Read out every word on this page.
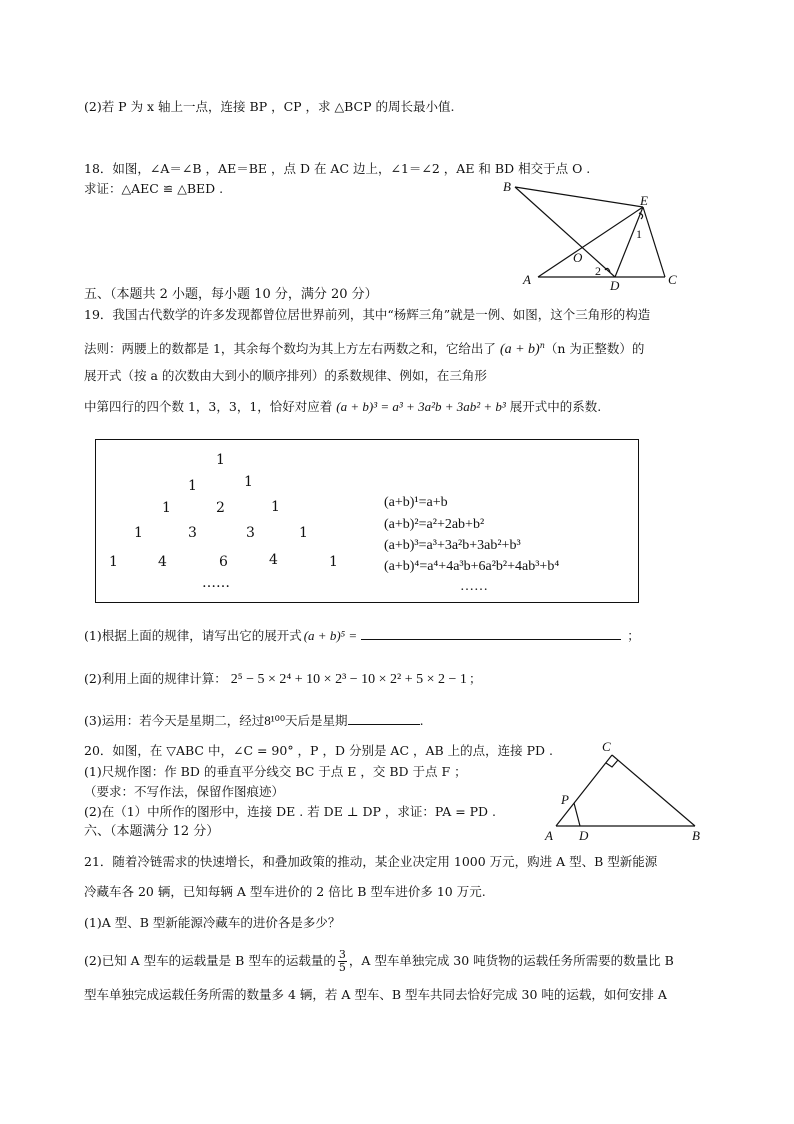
(2)若 P 为 x 轴上一点，连接 BP ，CP ，求 △BCP 的周长最小值.
18．如图，∠A＝∠B ，AE＝BE ，点 D 在 AC 边上，∠1＝∠2 ，AE 和 BD 相交于点 O .
求证：△AEC ≌ △BED .	B
E
O
A	D	C
1
2
五、（本题共 2 小题，每小题 10 分，满分 20 分）
19．我国古代数学的许多发现都曾位居世界前列，其中“杨辉三角”就是一例、如图，这个三角形的构造
法则：两腰上的数都是 1，其余每个数均为其上方左右两数之和，它给出了 $(a + b)^n(n$ 为正整数）的
展开式（按 a 的次数由大到小的顺序排列）的系数规律、例如，在三角形
中第四行的四个数 1，3，3，1，恰好对应着 (a + b)³ = a³ + 3a²b + 3ab² + b³ 展开式中的系数.
1
1	1
1	2	1
1	3	3	1
1	4	6	4	1
……
(a+b)¹=a+b
(a+b)²=a²+2ab+b²
(a+b)³=a³+3a²b+3ab²+b³
(a+b)⁴=a⁴+4a³b+6a²b²+4ab³+b⁴
……
(1)根据上面的规律，请写出它的展开式 (a + b)⁵ =	；
(2)利用上面的规律计算： 2⁵ − 5 × 2⁴ + 10 × 2³ − 10 × 2² + 5 × 2 − 1 ；
(3)运用：若今天是星期二，经过8¹⁰⁰天后是星期	.
20．如图，在 ▽ABC 中，∠C = 90° ，P ，D 分别是 AC ，AB 上的点，连接 PD .
(1)尺规作图：作 BD 的垂直平分线交 BC 于点 E ，交 BD 于点 F ；
（要求：不写作法，保留作图痕迹）
(2)在（1）中所作的图形中，连接 DE . 若 DE ⊥ DP ，求证：PA = PD .
C
P
A D	B
六、（本题满分 12 分）
21．随着冷链需求的快速增长，和叠加政策的推动，某企业决定用 1000 万元，购进 A 型、B 型新能源
冷藏车各 20 辆，已知每辆 A 型车进价的 2 倍比 B 型车进价多 10 万元.
(1)A 型、B 型新能源冷藏车的进价各是多少？
(2)已知 A 型车的运载量是 B 型车的运载量的 $\frac{3}{5}$ ，A 型车单独完成 30 吨货物的运载任务所需要的数量比 B
型车单独完成运载任务所需的数量多 4 辆，若 A 型车、B 型车共同去恰好完成 30 吨的运载，如何安排 A
